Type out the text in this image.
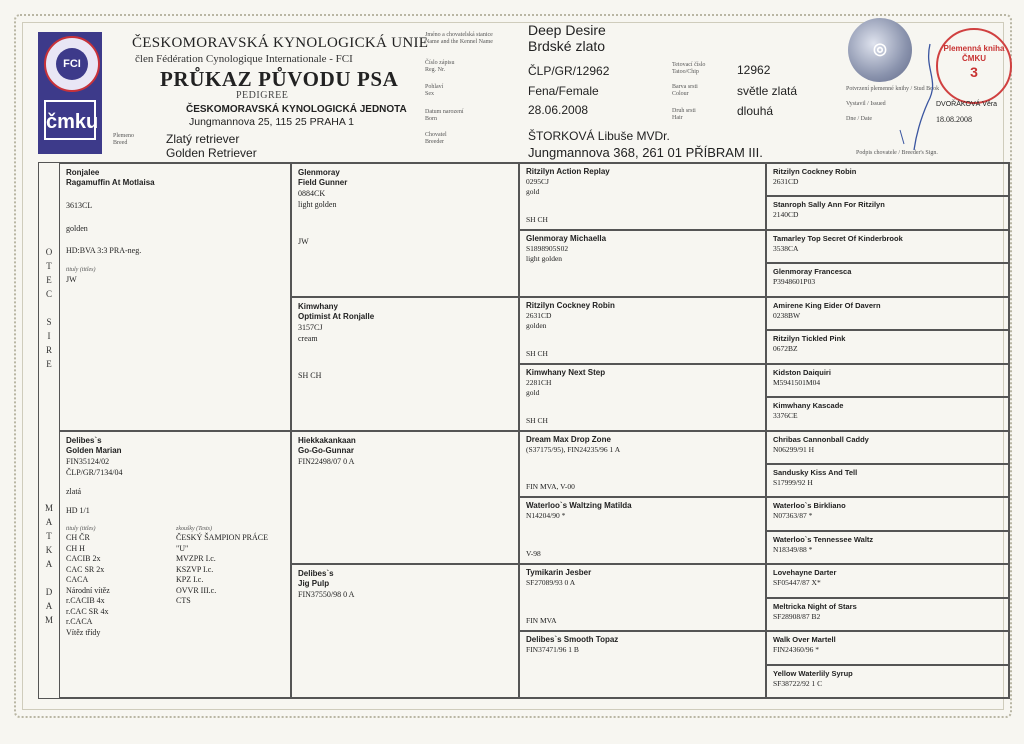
FCI
čmku
ČESKOMORAVSKÁ KYNOLOGICKÁ UNIE
člen Fédération Cynologique Internationale - FCI
PRŮKAZ PŮVODU PSA
PEDIGREE
ČESKOMORAVSKÁ KYNOLOGICKÁ JEDNOTA
Jungmannova 25, 115 25 PRAHA 1
Plemeno
Breed	Zlatý retriever
Golden Retriever
Jméno a chovatelská stanice
Name and the Kennel Name
Číslo zápisu
Reg. Nr.
Pohlaví
Sex
Datum narození
Born
Chovatel
Breeder
Deep Desire
Brdské zlato
ČLP/GR/12962
Fena/Female
28.06.2008
ŠTORKOVÁ Libuše MVDr.
Jungmannova 368, 261 01 PŘÍBRAM III.
Tetovací číslo
Tatoo/Chip
Barva srsti
Colour
Druh srsti
Hair
12962
světle zlatá
dlouhá
◎	Plemenná kniha ČMKU
3
Potvrzení plemenné knihy / Stud Book
Vystavil / Issued	DVOŘÁKOVÁ Věra
Dne / Date	18.08.2008
Podpis chovatele / Breeder's Sign.
O
T
E
C

S
I
R
E
M
A
T
K
A

D
A
M
Ronjalee
Ragamuffin At Motlaisa
3613CL
golden
HD:BVA 3:3 PRA-neg.
tituly (titles)
JW
Delibes`s
Golden Marian
FIN35124/02
ČLP/GR/7134/04
zlatá
HD 1/1
tituly (titles)
CH ČR
CH H
CACIB 2x
CAC SR 2x
CACA
Národní vítěz
r.CACIB 4x
r.CAC SR 4x
r.CACA
Vítěz třídy
zkoušky (Tests)
ČESKÝ ŠAMPION PRÁCE
"U"
MVZPR I.c.
KSZVP I.c.
KPZ I.c.
OVVR III.c.
CTS
Glenmoray
Field Gunner
0884CK
light golden
JW
Kimwhany
Optimist At Ronjalle
3157CJ
cream
SH CH
Hiekkakankaan
Go-Go-Gunnar
FIN22498/07 0 A
Delibes`s
Jig Pulp
FIN37550/98 0 A
Ritzilyn Action Replay
0295CJ
gold
SH CH
Glenmoray Michaella
S1898905S02
light golden
Ritzilyn Cockney Robin
2631CD
golden
SH CH
Kimwhany Next Step
2281CH
gold
SH CH
Dream Max Drop Zone
(S37175/95), FIN24235/96 1 A
FIN MVA, V-00
Waterloo`s Waltzing Matilda
N14204/90 *
V-98
Tymikarin Jesber
SF27089/93 0 A
FIN MVA
Delibes`s Smooth Topaz
FIN37471/96 1 B
Ritzilyn Cockney Robin
2631CD
Stanroph Sally Ann For Ritzilyn
2140CD
Tamarley Top Secret Of Kinderbrook
3538CA
Glenmoray Francesca
P3948601P03
Amirene King Eider Of Davern
0238BW
Ritzilyn Tickled Pink
0672BZ
Kidston Daiquiri
M5941501M04
Kimwhany Kascade
3376CE
Chribas Cannonball Caddy
N06299/91 H
Sandusky Kiss And Tell
S17999/92 H
Waterloo`s Birkliano
N07363/87 *
Waterloo`s Tennessee Waltz
N18349/88 *
Lovehayne Darter
SF05447/87 X*
Meltricka Night of Stars
SF28908/87 B2
Walk Over Martell
FIN24360/96 *
Yellow Waterlily Syrup
SF38722/92 1 C
